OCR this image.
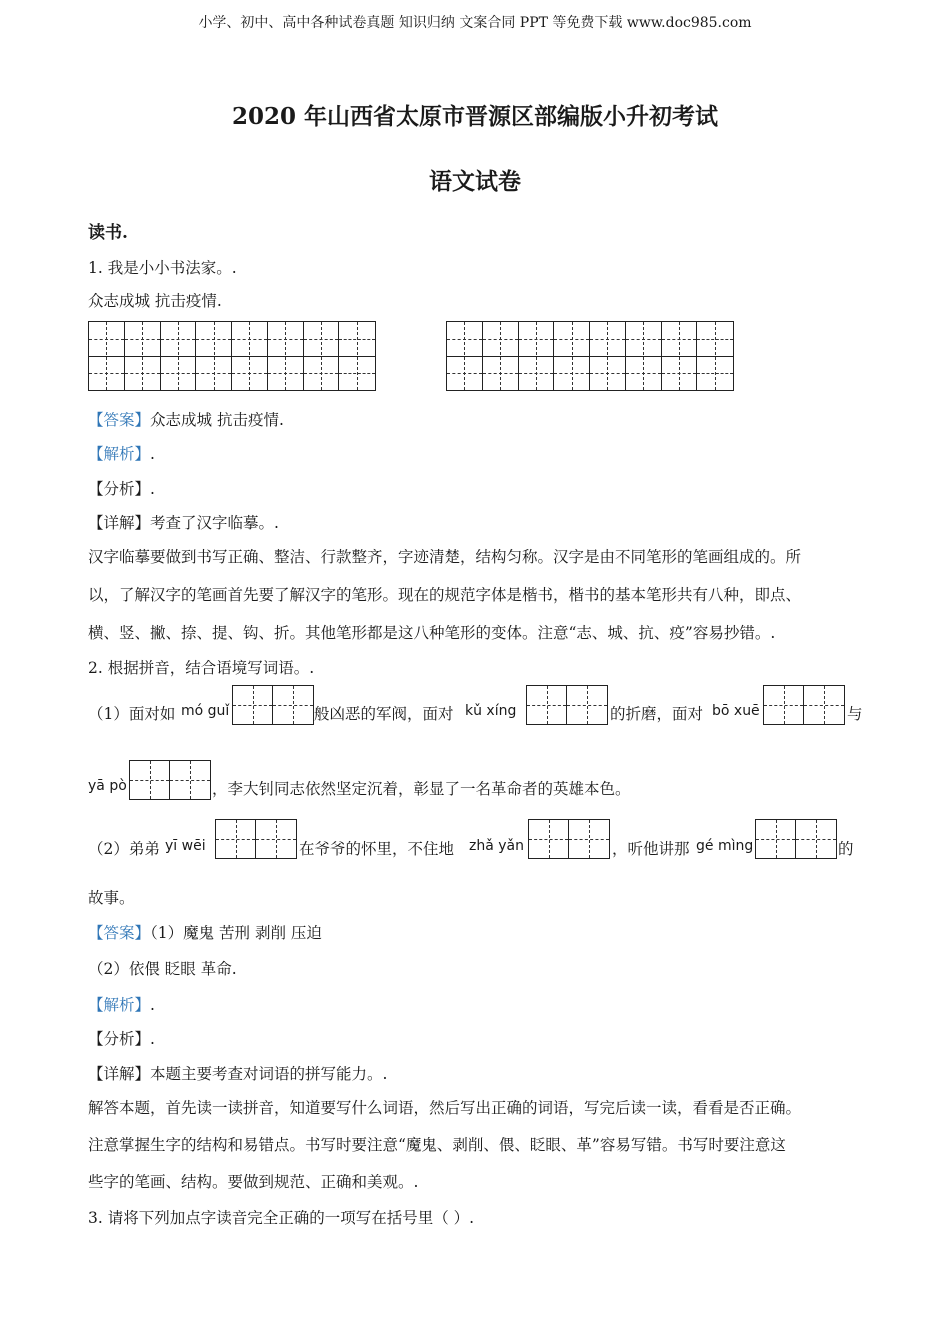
小学、初中、高中各种试卷真题 知识归纳 文案合同 PPT 等免费下载 www.doc985.com
2020 年山西省太原市晋源区部编版小升初考试
语文试卷
读书.
1. 我是小小书法家。.
众志成城 抗击疫情.
【答案】众志成城 抗击疫情.
【解析】.
【分析】.
【详解】考查了汉字临摹。.
汉字临摹要做到书写正确、整洁、行款整齐，字迹清楚，结构匀称。汉字是由不同笔形的笔画组成的。所
以，了解汉字的笔画首先要了解汉字的笔形。现在的规范字体是楷书，楷书的基本笔形共有八种，即点、
横、竖、撇、捺、提、钩、折。其他笔形都是这八种笔形的变体。注意“志、城、抗、疫”容易抄错。.
2. 根据拼音，结合语境写词语。.
（1）面对如 mó guǐ	般凶恶的军阀，面对 kǔ xíng	的折磨，面对 bō xuē	与
yā pò	，李大钊同志依然坚定沉着，彰显了一名革命者的英雄本色。
（2）弟弟 yī wēi	在爷爷的怀里，不住地 zhǎ yǎn	，听他讲那 gé mìng	的
故事。
【答案】（1）魔鬼 苦刑 剥削 压迫
（2）依偎 眨眼 革命.
【解析】.
【分析】.
【详解】本题主要考查对词语的拼写能力。.
解答本题，首先读一读拼音，知道要写什么词语，然后写出正确的词语，写完后读一读，看看是否正确。
注意掌握生字的结构和易错点。书写时要注意“魔鬼、剥削、偎、眨眼、革”容易写错。书写时要注意这
些字的笔画、结构。要做到规范、正确和美观。.
3. 请将下列加点字读音完全正确的一项写在括号里（ ）.
